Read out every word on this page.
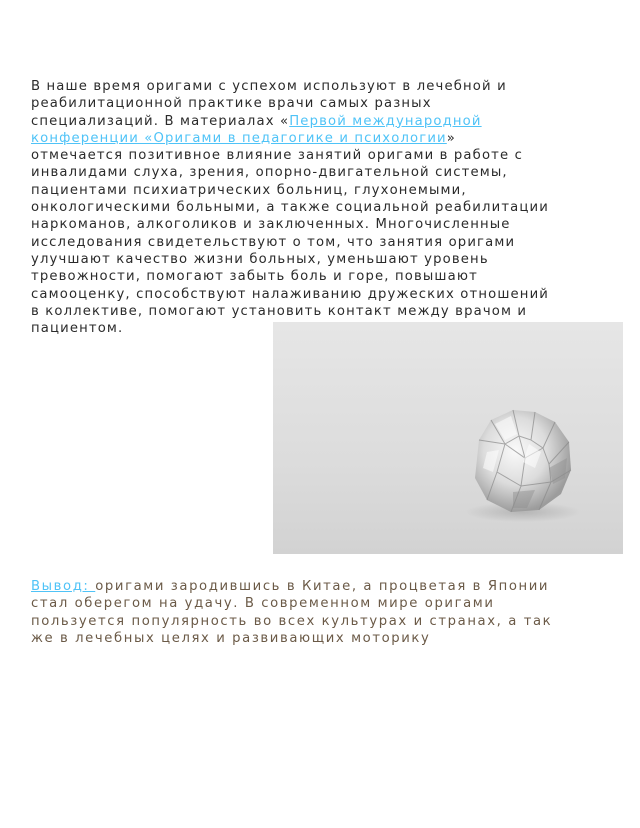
В наше время оригами с успехом используют в лечебной и реабилитационной практике врачи самых разных специализаций. В материалах «Первой международной конференции «Оригами в педагогике и психологии» отмечается позитивное влияние занятий оригами в работе с инвалидами слуха, зрения, опорно-двигательной системы, пациентами психиатрических больниц, глухонемыми, онкологическими больными, а также социальной реабилитации наркоманов, алкоголиков и заключенных. Многочисленные исследования свидетельствуют о том, что занятия оригами улучшают качество жизни больных, уменьшают уровень тревожности, помогают забыть боль и горе, повышают самооценку, способствуют налаживанию дружеских отношений в коллективе, помогают установить контакт между врачом и пациентом.

Вывод: оригами зародившись в Китае, а процветая в Японии стал оберегом на удачу. В современном мире оригами пользуется популярность во всех культурах и странах, а так же в лечебных целях и развивающих моторику
